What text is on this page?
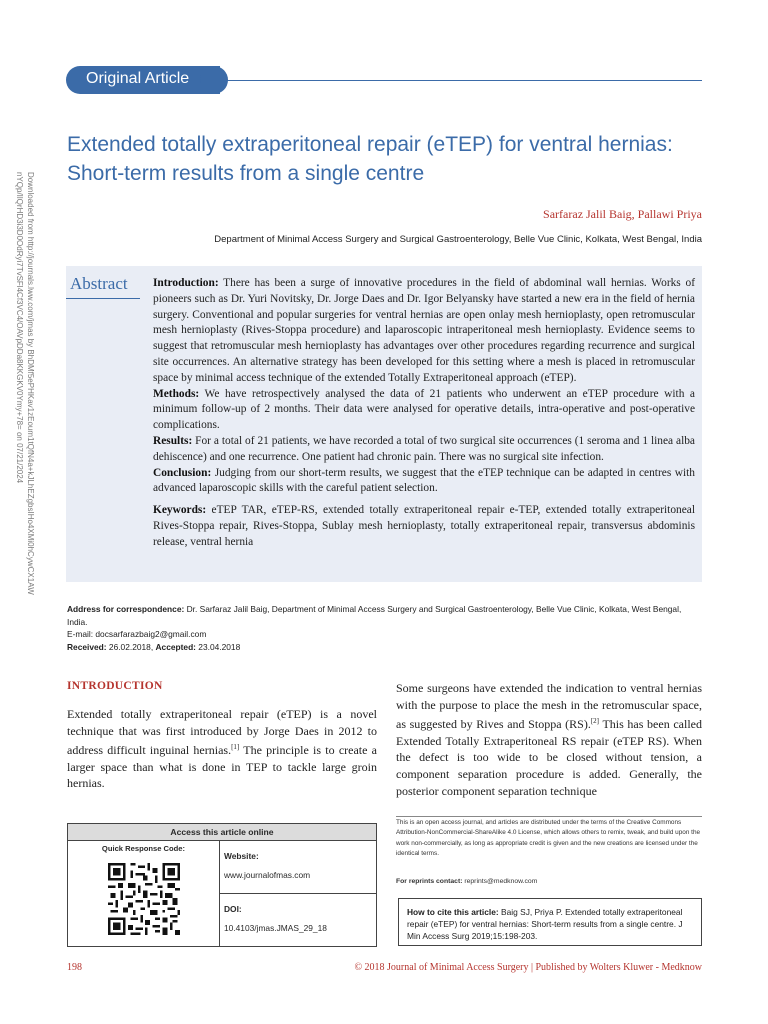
Original Article
Downloaded from http://journals.lww.com/jmas by BhDMf5ePHKav1zEoum1tQfN4a+kJLhEZgbsIHo4XMi0hCywCX1AW
nYQp/IlQrHD3i3D0OdRyi7TvSFl4Cf3VC4/OAVpDDa8KKGKV0Ymy+78= on 07/21/2024
Extended totally extraperitoneal repair (eTEP) for ventral hernias: Short-term results from a single centre
Sarfaraz Jalil Baig, Pallawi Priya
Department of Minimal Access Surgery and Surgical Gastroenterology, Belle Vue Clinic, Kolkata, West Bengal, India
Abstract Introduction: There has been a surge of innovative procedures in the field of abdominal wall hernias. Works of pioneers such as Dr. Yuri Novitsky, Dr. Jorge Daes and Dr. Igor Belyansky have started a new era in the field of hernia surgery. Conventional and popular surgeries for ventral hernias are open onlay mesh hernioplasty, open retromuscular mesh hernioplasty (Rives-Stoppa procedure) and laparoscopic intraperitoneal mesh hernioplasty. Evidence seems to suggest that retromuscular mesh hernioplasty has advantages over other procedures regarding recurrence and surgical site occurrences. An alternative strategy has been developed for this setting where a mesh is placed in retromuscular space by minimal access technique of the extended Totally Extraperitoneal approach (eTEP).

Methods: We have retrospectively analysed the data of 21 patients who underwent an eTEP procedure with a minimum follow-up of 2 months. Their data were analysed for operative details, intra-operative and post-operative complications.

Results: For a total of 21 patients, we have recorded a total of two surgical site occurrences (1 seroma and 1 linea alba dehiscence) and one recurrence. One patient had chronic pain. There was no surgical site infection.

Conclusion: Judging from our short-term results, we suggest that the eTEP technique can be adapted in centres with advanced laparoscopic skills with the careful patient selection.

Keywords: eTEP TAR, eTEP-RS, extended totally extraperitoneal repair e-TEP, extended totally extraperitoneal Rives-Stoppa repair, Rives-Stoppa, Sublay mesh hernioplasty, totally extraperitoneal repair, transversus abdominis release, ventral hernia

Address for correspondence: Dr. Sarfaraz Jalil Baig, Department of Minimal Access Surgery and Surgical Gastroenterology, Belle Vue Clinic, Kolkata, West Bengal, India.
E-mail: docsarfarazbaig2@gmail.com
Received: 26.02.2018, Accepted: 23.04.2018
INTRODUCTION

Extended totally extraperitoneal repair (eTEP) is a novel technique that was first introduced by Jorge Daes in 2012 to address difficult inguinal hernias.[1] The principle is to create a larger space than what is done in TEP to tackle large groin hernias.

Some surgeons have extended the indication to ventral hernias with the purpose to place the mesh in the retromuscular space, as suggested by Rives and Stoppa (RS).[2] This has been called Extended Totally Extraperitoneal RS repair (eTEP RS). When the defect is too wide to be closed without tension, a component separation procedure is added. Generally, the posterior component separation technique

Access this article online
Quick Response Code:
Website:
www.journalofmas.com
DOI:
10.4103/jmas.JMAS_29_18
This is an open access journal, and articles are distributed under the terms of the Creative Commons Attribution-NonCommercial-ShareAlike 4.0 License, which allows others to remix, tweak, and build upon the work non-commercially, as long as appropriate credit is given and the new creations are licensed under the identical terms.
For reprints contact: reprints@medknow.com
How to cite this article: Baig SJ, Priya P. Extended totally extraperitoneal repair (eTEP) for ventral hernias: Short-term results from a single centre. J Min Access Surg 2019;15:198-203.
198	© 2018 Journal of Minimal Access Surgery | Published by Wolters Kluwer - Medknow
